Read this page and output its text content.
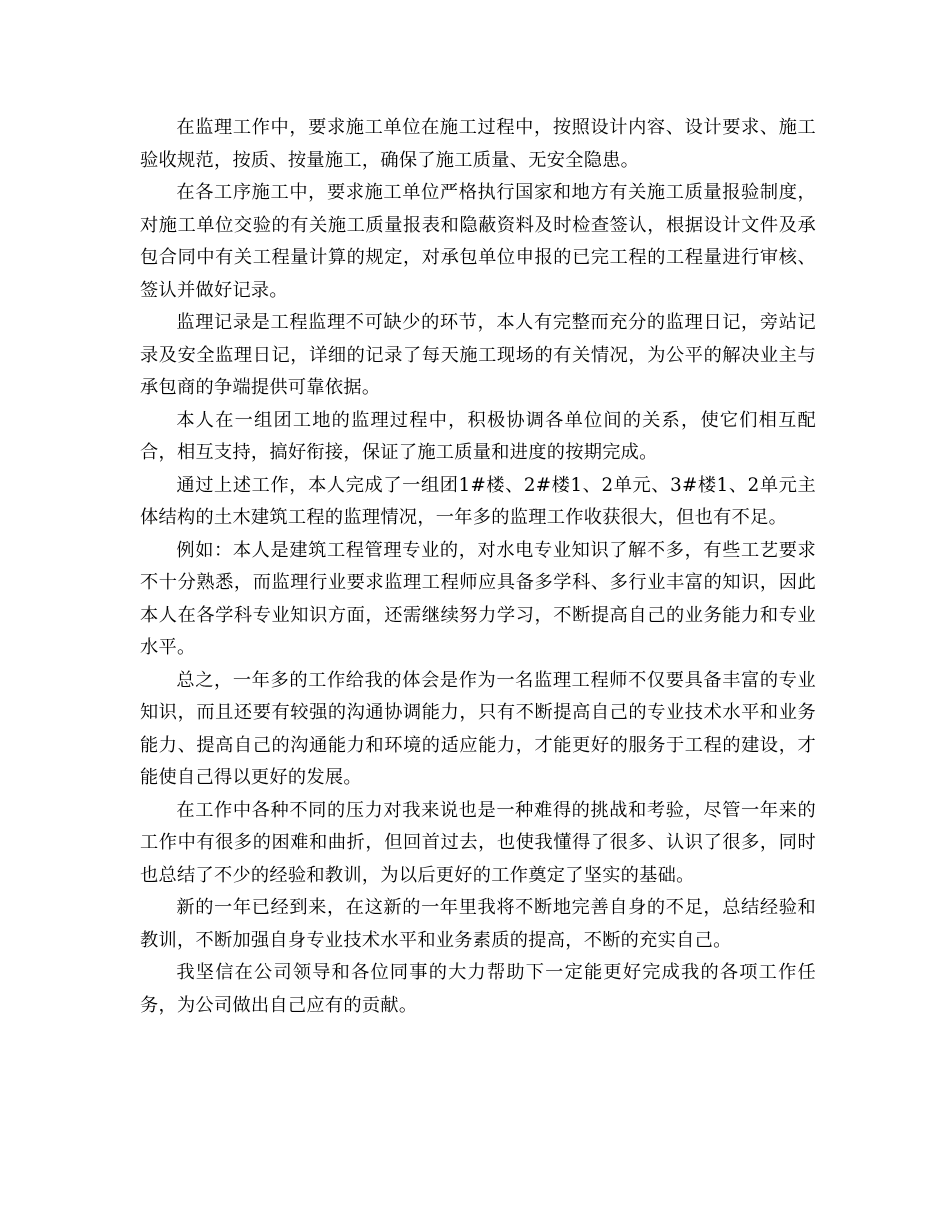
在监理工作中，要求施工单位在施工过程中，按照设计内容、设计要求、施工验收规范，按质、按量施工，确保了施工质量、无安全隐患。

在各工序施工中，要求施工单位严格执行国家和地方有关施工质量报验制度，对施工单位交验的有关施工质量报表和隐蔽资料及时检查签认，根据设计文件及承包合同中有关工程量计算的规定，对承包单位申报的已完工程的工程量进行审核、签认并做好记录。

监理记录是工程监理不可缺少的环节，本人有完整而充分的监理日记，旁站记录及安全监理日记，详细的记录了每天施工现场的有关情况，为公平的解决业主与承包商的争端提供可靠依据。

本人在一组团工地的监理过程中，积极协调各单位间的关系，使它们相互配合，相互支持，搞好衔接，保证了施工质量和进度的按期完成。

通过上述工作，本人完成了一组团1#楼、2#楼1、2单元、3#楼1、2单元主体结构的土木建筑工程的监理情况，一年多的监理工作收获很大，但也有不足。

例如：本人是建筑工程管理专业的，对水电专业知识了解不多，有些工艺要求不十分熟悉，而监理行业要求监理工程师应具备多学科、多行业丰富的知识，因此本人在各学科专业知识方面，还需继续努力学习，不断提高自己的业务能力和专业水平。

总之，一年多的工作给我的体会是作为一名监理工程师不仅要具备丰富的专业知识，而且还要有较强的沟通协调能力，只有不断提高自己的专业技术水平和业务能力、提高自己的沟通能力和环境的适应能力，才能更好的服务于工程的建设，才能使自己得以更好的发展。

在工作中各种不同的压力对我来说也是一种难得的挑战和考验，尽管一年来的工作中有很多的困难和曲折，但回首过去，也使我懂得了很多、认识了很多，同时也总结了不少的经验和教训，为以后更好的工作奠定了坚实的基础。

新的一年已经到来，在这新的一年里我将不断地完善自身的不足，总结经验和教训，不断加强自身专业技术水平和业务素质的提高，不断的充实自己。

我坚信在公司领导和各位同事的大力帮助下一定能更好完成我的各项工作任务，为公司做出自己应有的贡献。
